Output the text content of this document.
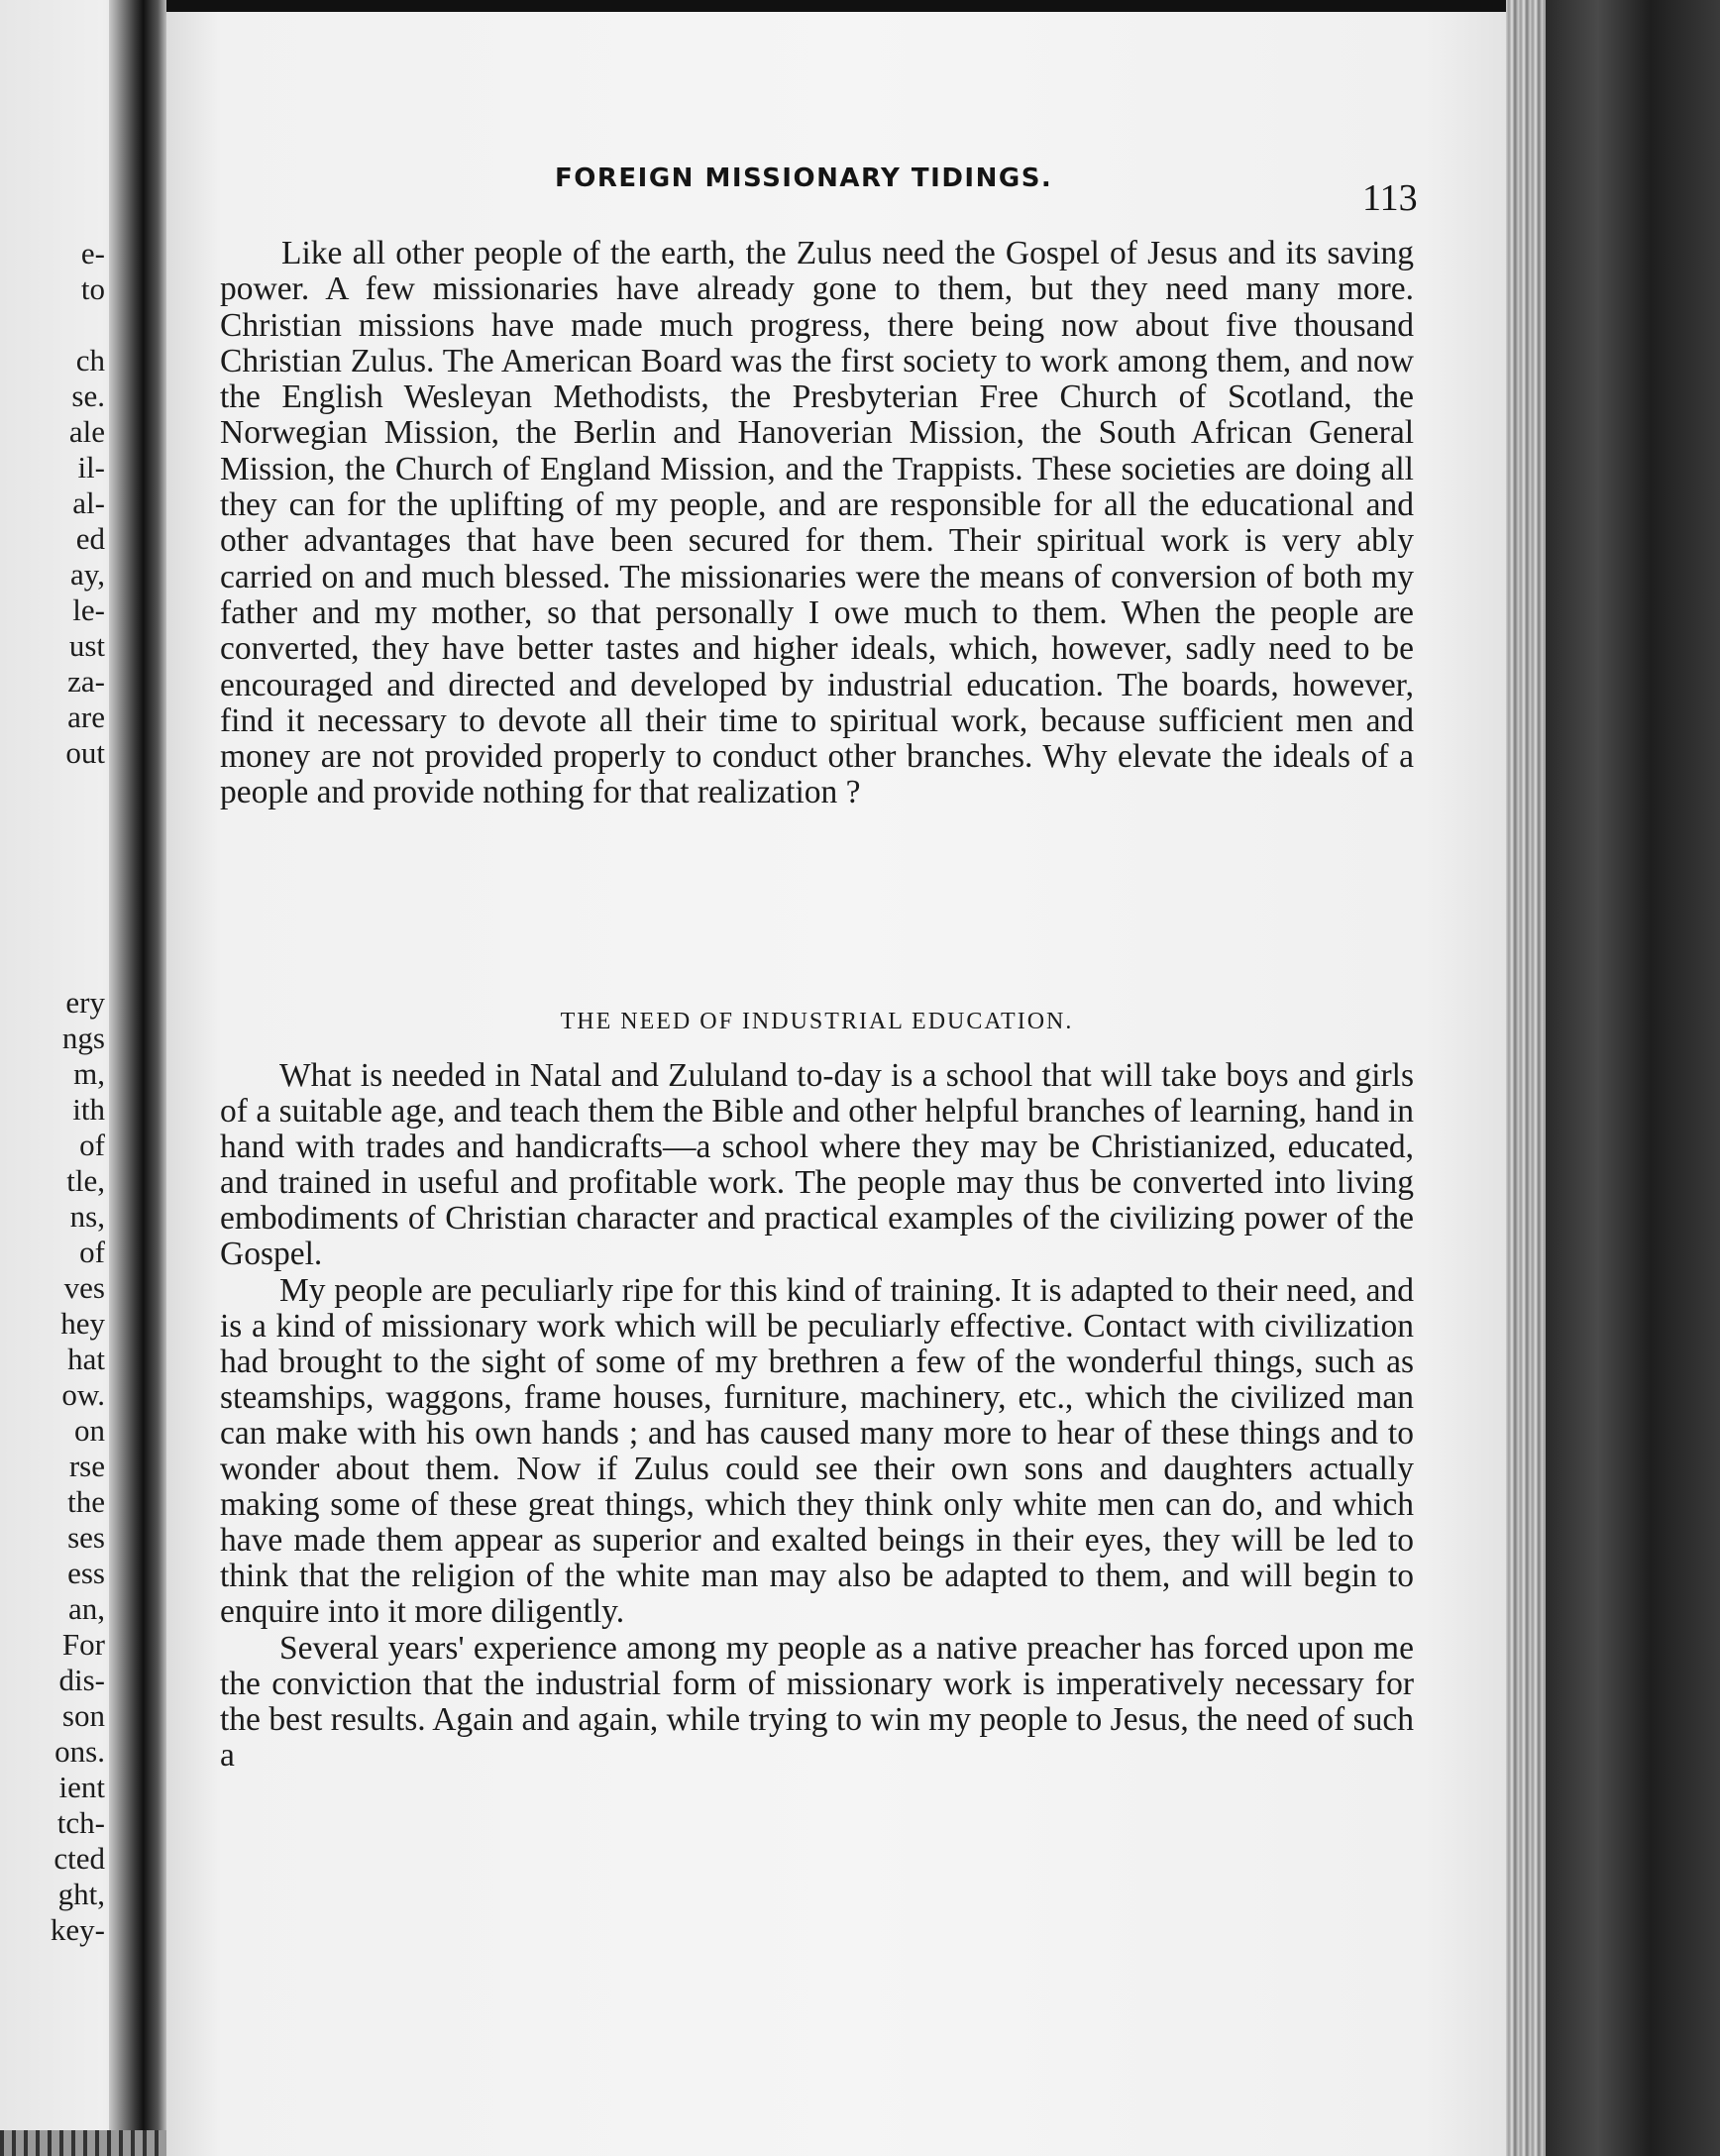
e-
to
ch
se.
ale
il-
al-
ed
ay,
le-
ust
za-
are
out
ery
ngs
m,
ith
of
tle,
ns,
of
ves
hey
hat
ow.
on
rse
the
ses
ess
an,
For
dis-
son
ons.
ient
tch-
cted
ght,
key-
FOREIGN MISSIONARY TIDINGS.	113

Like all other people of the earth, the Zulus need the Gospel of Jesus and its saving power. A few missionaries have already gone to them, but they need many more. Christian missions have made much progress, there being now about five thousand Christian Zulus. The American Board was the first society to work among them, and now the English Wesleyan Methodists, the Presbyterian Free Church of Scotland, the Norwegian Mission, the Berlin and Hanoverian Mission, the South African General Mission, the Church of England Mission, and the Trappists. These societies are doing all they can for the uplifting of my people, and are responsible for all the educational and other advantages that have been secured for them. Their spiritual work is very ably carried on and much blessed. The missionaries were the means of conversion of both my father and my mother, so that personally I owe much to them. When the people are converted, they have better tastes and higher ideals, which, however, sadly need to be encouraged and directed and developed by industrial education. The boards, however, find it necessary to devote all their time to spiritual work, because sufficient men and money are not provided properly to conduct other branches. Why elevate the ideals of a people and provide nothing for that realization ?

THE NEED OF INDUSTRIAL EDUCATION.

What is needed in Natal and Zululand to-day is a school that will take boys and girls of a suitable age, and teach them the Bible and other helpful branches of learning, hand in hand with trades and handicrafts—a school where they may be Christianized, educated, and trained in useful and profitable work. The people may thus be converted into living embodiments of Christian character and practical examples of the civilizing power of the Gospel.

My people are peculiarly ripe for this kind of training. It is adapted to their need, and is a kind of missionary work which will be peculiarly effective. Contact with civilization had brought to the sight of some of my brethren a few of the wonderful things, such as steamships, waggons, frame houses, furniture, machinery, etc., which the civilized man can make with his own hands ; and has caused many more to hear of these things and to wonder about them. Now if Zulus could see their own sons and daughters actually making some of these great things, which they think only white men can do, and which have made them appear as superior and exalted beings in their eyes, they will be led to think that the religion of the white man may also be adapted to them, and will begin to enquire into it more diligently.

Several years' experience among my people as a native preacher has forced upon me the conviction that the industrial form of missionary work is imperatively necessary for the best results. Again and again, while trying to win my people to Jesus, the need of such a
